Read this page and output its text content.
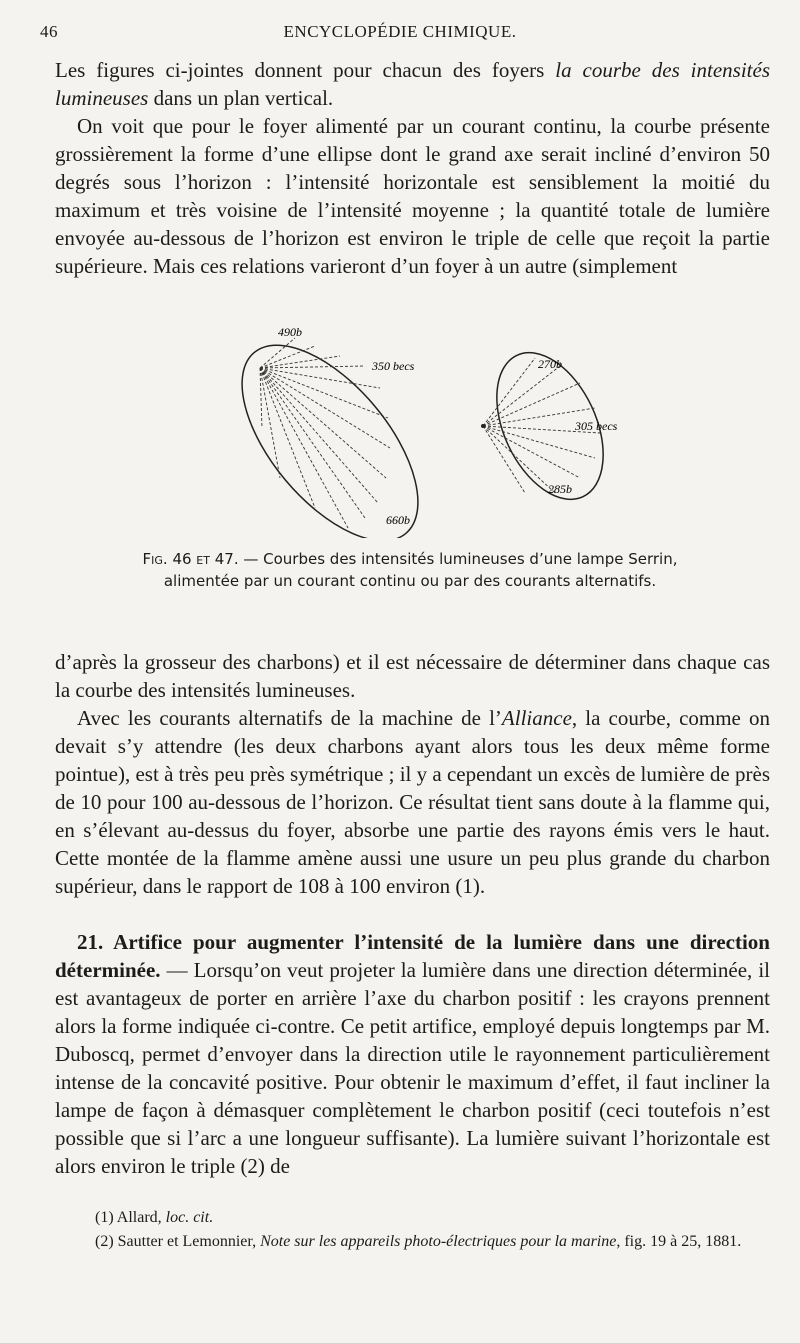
46	ENCYCLOPÉDIE CHIMIQUE.

Les figures ci-jointes donnent pour chacun des foyers la courbe des intensités lumineuses dans un plan vertical.

On voit que pour le foyer alimenté par un courant continu, la courbe présente grossièrement la forme d’une ellipse dont le grand axe serait incliné d’environ 50 degrés sous l’horizon : l’intensité horizontale est sensiblement la moitié du maximum et très voisine de l’intensité moyenne ; la quantité totale de lumière envoyée au-dessous de l’horizon est environ le triple de celle que reçoit la partie supérieure. Mais ces relations varieront d’un foyer à un autre (simplement

490b
350 becs
660b
270b
305 becs
285b
Fig. 46 et 47. — Courbes des intensités lumineuses d’une lampe Serrin,
alimentée par un courant continu ou par des courants alternatifs.

d’après la grosseur des charbons) et il est nécessaire de déterminer dans chaque cas la courbe des intensités lumineuses.

Avec les courants alternatifs de la machine de l’Alliance, la courbe, comme on devait s’y attendre (les deux charbons ayant alors tous les deux même forme pointue), est à très peu près symétrique ; il y a cependant un excès de lumière de près de 10 pour 100 au-dessous de l’horizon. Ce résultat tient sans doute à la flamme qui, en s’élevant au-dessus du foyer, absorbe une partie des rayons émis vers le haut. Cette montée de la flamme amène aussi une usure un peu plus grande du charbon supérieur, dans le rapport de 108 à 100 environ (1).

21. Artifice pour augmenter l’intensité de la lumière dans une direction déterminée. — Lorsqu’on veut projeter la lumière dans une direction déterminée, il est avantageux de porter en arrière l’axe du charbon positif : les crayons prennent alors la forme indiquée ci-contre. Ce petit artifice, employé depuis longtemps par M. Duboscq, permet d’envoyer dans la direction utile le rayonnement particulièrement intense de la concavité positive. Pour obtenir le maximum d’effet, il faut incliner la lampe de façon à démasquer complètement le charbon positif (ceci toutefois n’est possible que si l’arc a une longueur suffisante). La lumière suivant l’horizontale est alors environ le triple (2) de

(1) Allard, loc. cit.

(2) Sautter et Lemonnier, Note sur les appareils photo-électriques pour la marine, fig. 19 à 25, 1881.
